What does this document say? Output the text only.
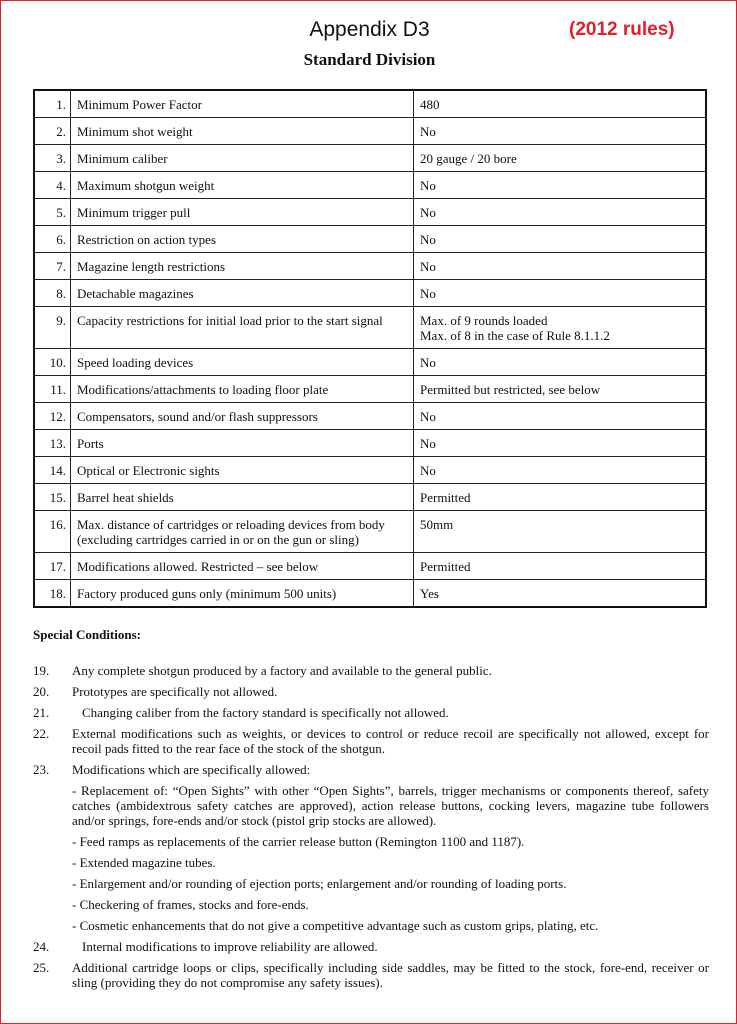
Appendix D3	(2012 rules)
Standard Division
1.	Minimum Power Factor	480
2.	Minimum shot weight	No
3.	Minimum caliber	20 gauge / 20 bore
4.	Maximum shotgun weight	No
5.	Minimum trigger pull	No
6.	Restriction on action types	No
7.	Magazine length restrictions	No
8.	Detachable magazines	No
9.	Capacity restrictions for initial load prior to the start signal	Max. of 9 rounds loaded
Max. of 8 in the case of Rule 8.1.1.2

10.	Speed loading devices	No
11.	Modifications/attachments to loading floor plate	Permitted but restricted, see below
12.	Compensators, sound and/or flash suppressors	No
13.	Ports	No
14.	Optical or Electronic sights	No
15.	Barrel heat shields	Permitted
16.	Max. distance of cartridges or reloading devices from body
(excluding cartridges carried in or on the gun or sling)	50mm
17.	Modifications allowed. Restricted – see below	Permitted
18.	Factory produced guns only (minimum 500 units)	Yes
Special Conditions:
19. Any complete shotgun produced by a factory and available to the general public.
20. Prototypes are specifically not allowed.
21.	Changing caliber from the factory standard is specifically not allowed.
22. External modifications such as weights, or devices to control or reduce recoil are specifically not allowed, except for recoil pads fitted to the rear face of the stock of the shotgun.
23. Modifications which are specifically allowed:
- Replacement of: “Open Sights” with other “Open Sights”, barrels, trigger mechanisms or components thereof, safety catches (ambidextrous safety catches are approved), action release buttons, cocking levers, magazine tube followers and/or springs, fore-ends and/or stock (pistol grip stocks are allowed).
- Feed ramps as replacements of the carrier release button (Remington 1100 and 1187).
- Extended magazine tubes.
- Enlargement and/or rounding of ejection ports; enlargement and/or rounding of loading ports.
- Checkering of frames, stocks and fore-ends.
- Cosmetic enhancements that do not give a competitive advantage such as custom grips, plating, etc.
24.	Internal modifications to improve reliability are allowed.
25. Additional cartridge loops or clips, specifically including side saddles, may be fitted to the stock, fore-end, receiver or sling (providing they do not compromise any safety issues).
